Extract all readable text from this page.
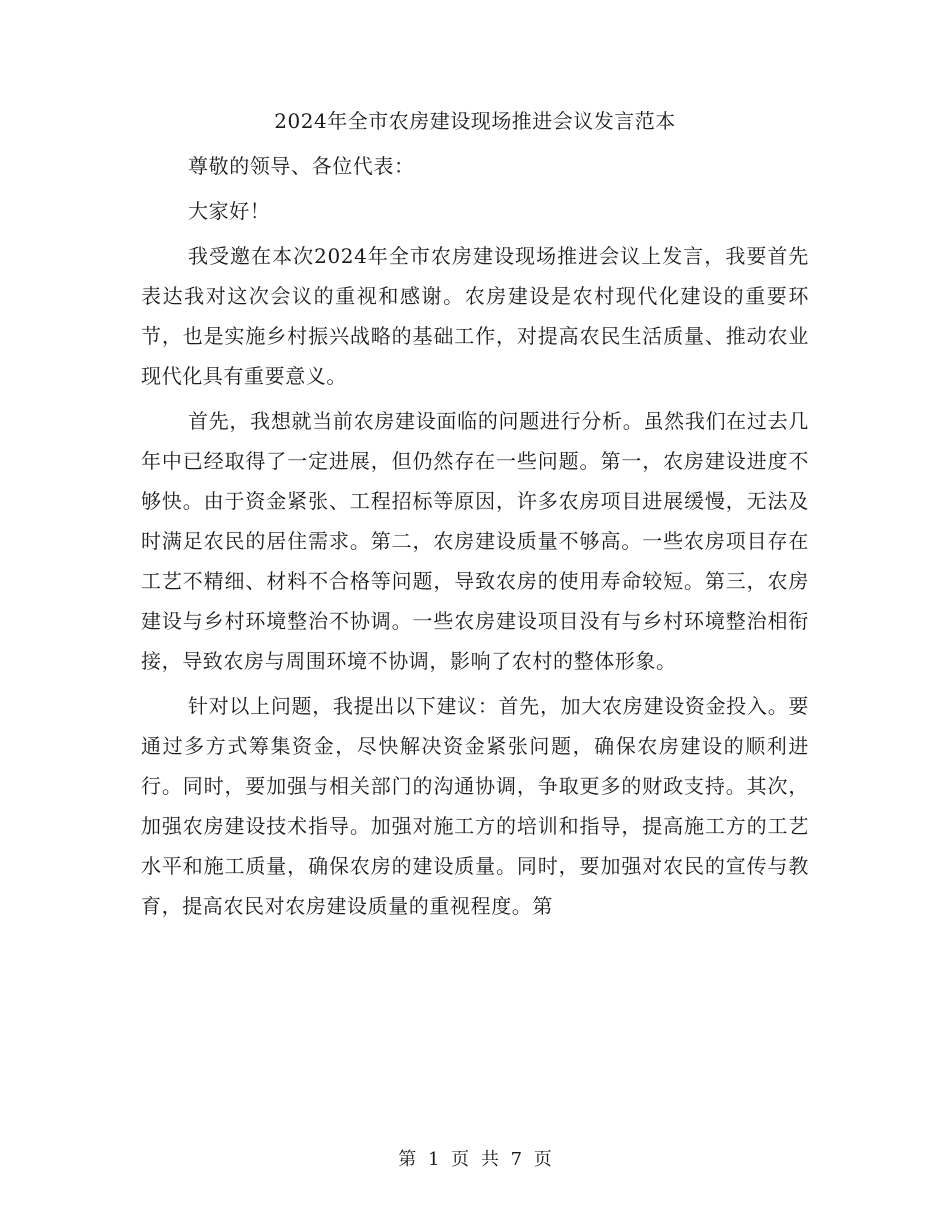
2024年全市农房建设现场推进会议发言范本

尊敬的领导、各位代表：

大家好！

我受邀在本次2024年全市农房建设现场推进会议上发言，我要首先表达我对这次会议的重视和感谢。农房建设是农村现代化建设的重要环节，也是实施乡村振兴战略的基础工作，对提高农民生活质量、推动农业现代化具有重要意义。

首先，我想就当前农房建设面临的问题进行分析。虽然我们在过去几年中已经取得了一定进展，但仍然存在一些问题。第一，农房建设进度不够快。由于资金紧张、工程招标等原因，许多农房项目进展缓慢，无法及时满足农民的居住需求。第二，农房建设质量不够高。一些农房项目存在工艺不精细、材料不合格等问题，导致农房的使用寿命较短。第三，农房建设与乡村环境整治不协调。一些农房建设项目没有与乡村环境整治相衔接，导致农房与周围环境不协调，影响了农村的整体形象。

针对以上问题，我提出以下建议：首先，加大农房建设资金投入。要通过多方式筹集资金，尽快解决资金紧张问题，确保农房建设的顺利进行。同时，要加强与相关部门的沟通协调，争取更多的财政支持。其次，加强农房建设技术指导。加强对施工方的培训和指导，提高施工方的工艺水平和施工质量，确保农房的建设质量。同时，要加强对农民的宣传与教育，提高农民对农房建设质量的重视程度。第

第 1 页 共 7 页
